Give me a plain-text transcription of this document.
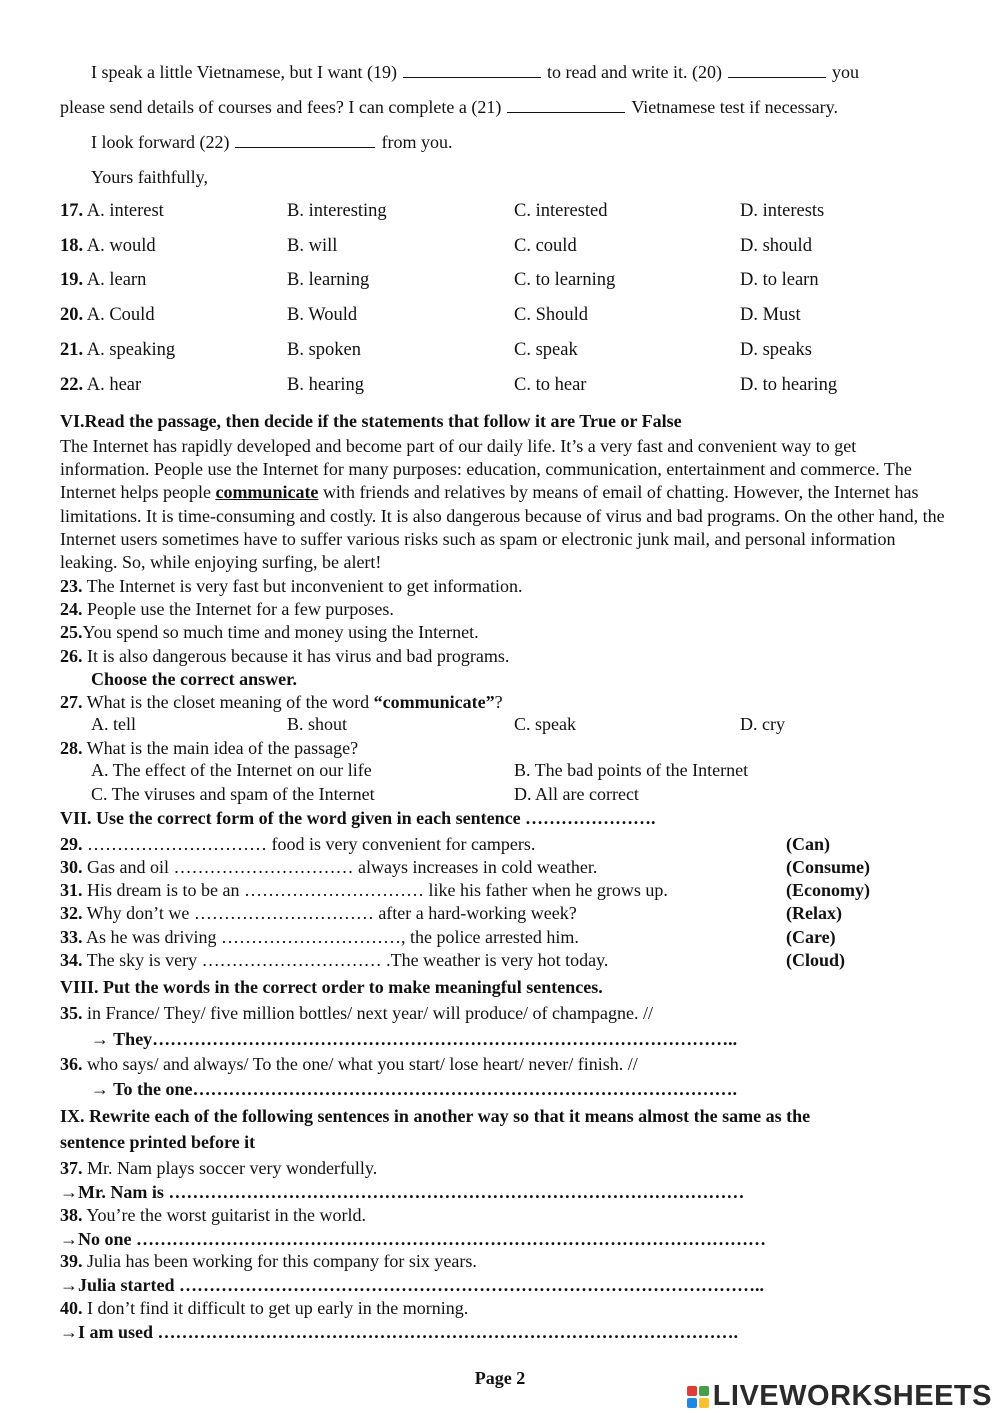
I speak a little Vietnamese, but I want (19)	to read and write it. (20)	you
please send details of courses and fees? I can complete a (21)	Vietnamese test if necessary.
I look forward (22)	from you.
Yours faithfully,
17. A. interest	B. interesting	C. interested	D. interests
18. A. would	B. will	C. could	D. should
19. A. learn	B. learning	C. to learning	D. to learn
20. A. Could	B. Would	C. Should	D. Must
21. A. speaking	B. spoken	C. speak	D. speaks
22. A. hear	B. hearing	C. to hear	D. to hearing
VI.Read the passage, then decide if the statements that follow it are True or False

The Internet has rapidly developed and become part of our daily life. It’s a very fast and convenient way to get information. People use the Internet for many purposes: education, communication, entertainment and commerce. The Internet helps people communicate with friends and relatives by means of email of chatting. However, the Internet has limitations. It is time-consuming and costly. It is also dangerous because of virus and bad programs. On the other hand, the Internet users sometimes have to suffer various risks such as spam or electronic junk mail, and personal information leaking. So, while enjoying surfing, be alert!

23. The Internet is very fast but inconvenient to get information.
24. People use the Internet for a few purposes.
25.You spend so much time and money using the Internet.
26. It is also dangerous because it has virus and bad programs.
Choose the correct answer.
27. What is the closet meaning of the word “communicate”?
A. tell	B. shout	C. speak	D. cry
28. What is the main idea of the passage?
A. The effect of the Internet on our life	B. The bad points of the Internet
C. The viruses and spam of the Internet	D. All are correct
VII. Use the correct form of the word given in each sentence ………………….
29. ………………………… food is very convenient for campers.	(Can)
30. Gas and oil ………………………… always increases in cold weather.	(Consume)
31. His dream is to be an ………………………… like his father when he grows up.	(Economy)
32. Why don’t we ………………………… after a hard-working week?	(Relax)
33. As he was driving …………………………, the police arrested him.	(Care)
34. The sky is very ………………………… .The weather is very hot today.	(Cloud)
VIII. Put the words in the correct order to make meaningful sentences.
35. in France/ They/ five million bottles/ next year/ will produce/ of champagne. //
→ They……………………………………………………………………………………..
36. who says/ and always/ To the one/ what you start/ lose heart/ never/ finish. //
→ To the one……………………………………………………………………………….
IX. Rewrite each of the following sentences in another way so that it means almost the same as the
sentence printed before it
37. Mr. Nam plays soccer very wonderfully.
→Mr. Nam is ……………………………………………………………………………………
38. You’re the worst guitarist in the world.
→No one ……………………………………………………………………………………………
39. Julia has been working for this company for six years.
→Julia started ……………………………………………………………………………………..
40. I don’t find it difficult to get up early in the morning.
→I am used …………………………………………………………………………………….
Page 2
LIVEWORKSHEETS
